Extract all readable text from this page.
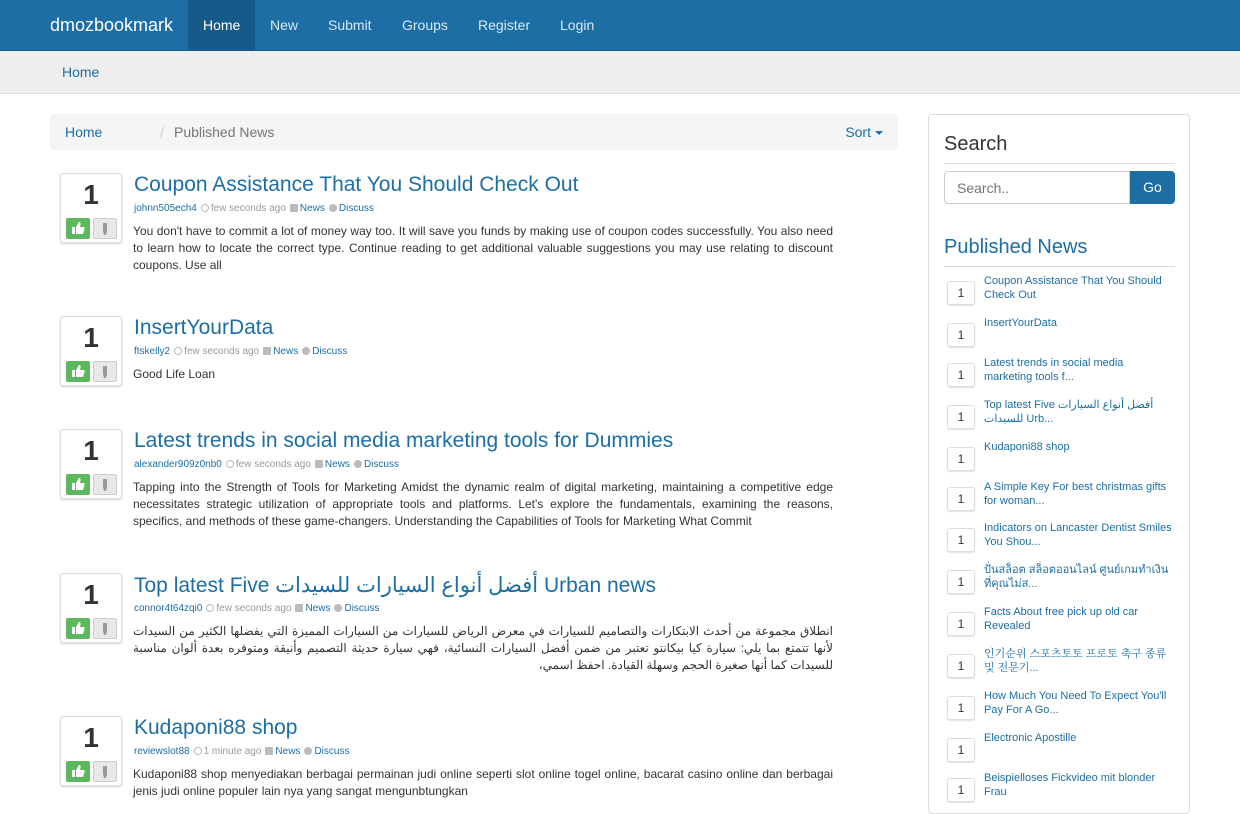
dmozbookmark	Home	New	Submit	Groups	Register	Login
Home
Home	/ Published News	Sort
1	Coupon Assistance That You Should Check Out
johnn505ech4 few seconds ago News Discuss
You don't have to commit a lot of money way too. It will save you funds by making use of coupon codes successfully. You also need to learn how to locate the correct type. Continue reading to get additional valuable suggestions you may use relating to discount coupons. Use all
1	InsertYourData
ftskelly2 few seconds ago News Discuss
Good Life Loan
1	Latest trends in social media marketing tools for Dummies
alexander909z0nb0 few seconds ago News Discuss
Tapping into the Strength of Tools for Marketing Amidst the dynamic realm of digital marketing, maintaining a competitive edge necessitates strategic utilization of appropriate tools and platforms. Let's explore the fundamentals, examining the reasons, specifics, and methods of these game-changers. Understanding the Capabilities of Tools for Marketing What Commit
1	Top latest Five أفضل أنواع السيارات للسيدات Urban news
connor4t64zqi0 few seconds ago News Discuss
انطلاق مجموعة من أحدث الابتكارات والتصاميم للسيارات في معرض الرياض للسيارات من السيارات المميزة التي يفضلها الكثير من السيدات لأنها تتمتع بما يلي: سيارة كيا بيكانتو تعتبر من ضمن أفضل السيارات النسائية، فهي سيارة حديثة التصميم وأنيقة ومتوفره بعدة ألوان مناسبة للسيدات كما أنها صغيرة الحجم وسهلة القيادة. احفظ اسمي،
1	Kudaponi88 shop
reviewslot88 1 minute ago News Discuss
Kudaponi88 shop menyediakan berbagai permainan judi online seperti slot online togel online, bacarat casino online dan berbagai jenis judi online populer lain nya yang sangat mengunbtungkan
Search
Search..
Go
Published News
1
Coupon Assistance That You Should Check Out
1
InsertYourData
1
Latest trends in social media marketing tools f...
1
Top latest Five أفضل أنواع السيارات للسيدات Urb...
1
Kudaponi88 shop
1
A Simple Key For best christmas gifts for woman...
1
Indicators on Lancaster Dentist Smiles You Shou...
1
ปั่นสล็อต สล็อตออนไลน์ ศูนย์เกมทำเงินที่คุณไม่ส...
1
Facts About free pick up old car Revealed
1
인기순위 스포츠토토 프로토 축구 종류 및 전문기...
1
How Much You Need To Expect You'll Pay For A Go...
1
Electronic Apostille
1
Beispielloses Fickvideo mit blonder Frau
